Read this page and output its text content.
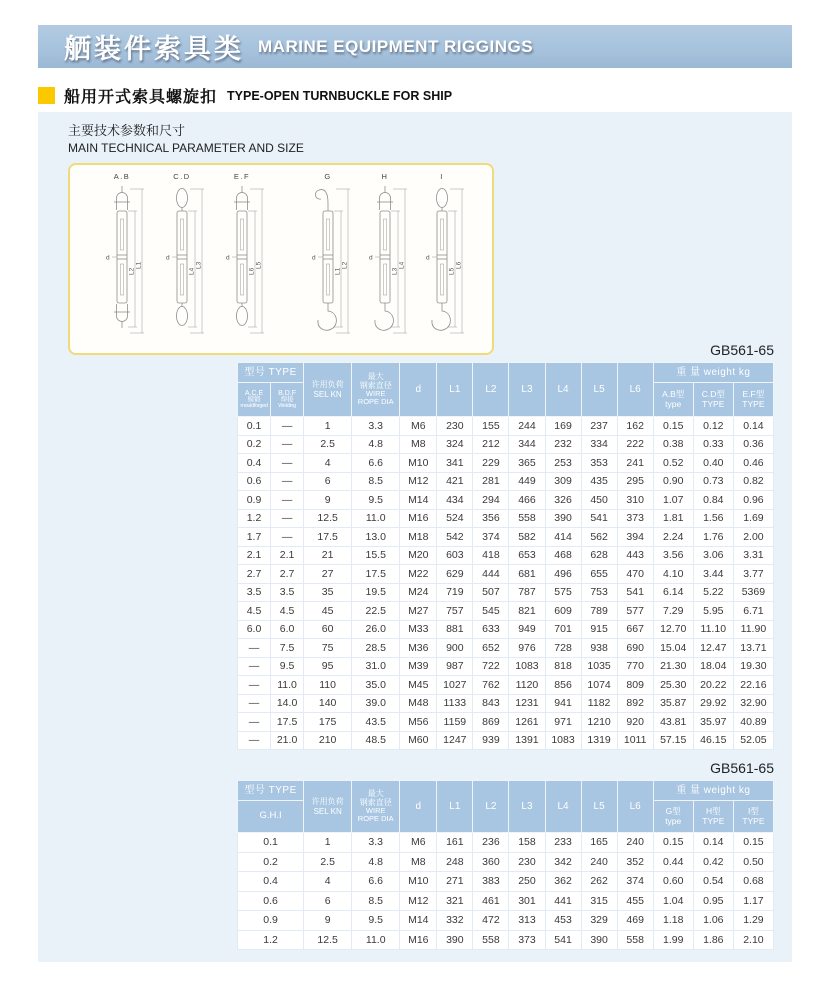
舾装件索具类 MARINE EQUIPMENT RIGGINGS
船用开式索具螺旋扣 TYPE-OPEN TURNBUCKLE FOR SHIP
主要技术参数和尺寸
MAIN TECHNICAL PARAMETER AND SIZE
A.B
d
L2
L1
C.D
d
L4
L3
E.F
d
L6
L5
G
d
L1
L2
H
d
L3
L4
I
d
L5
L6
GB561-65
型号 TYPE

许用负荷
SEL KN

最大
钢索直径
WIRE
ROPE DIA

d	L1	L2	L3	L4	L5	L6

重 量 weight kg

A.C.E
模锻
mouldforged

B.D.F
焊接
Welding

A.B型
type

C.D型
TYPE

E.F型
TYPE

0.1	—	1	3.3	M6	230	155	244	169	237	162	0.15	0.12	0.14
0.2	—	2.5	4.8	M8	324	212	344	232	334	222	0.38	0.33	0.36
0.4	—	4	6.6	M10	341	229	365	253	353	241	0.52	0.40	0.46
0.6	—	6	8.5	M12	421	281	449	309	435	295	0.90	0.73	0.82
0.9	—	9	9.5	M14	434	294	466	326	450	310	1.07	0.84	0.96
1.2	—	12.5	11.0	M16	524	356	558	390	541	373	1.81	1.56	1.69
1.7	—	17.5	13.0	M18	542	374	582	414	562	394	2.24	1.76	2.00
2.1	2.1	21	15.5	M20	603	418	653	468	628	443	3.56	3.06	3.31
2.7	2.7	27	17.5	M22	629	444	681	496	655	470	4.10	3.44	3.77
3.5	3.5	35	19.5	M24	719	507	787	575	753	541	6.14	5.22	5369
4.5	4.5	45	22.5	M27	757	545	821	609	789	577	7.29	5.95	6.71
6.0	6.0	60	26.0	M33	881	633	949	701	915	667	12.70	11.10	11.90
—	7.5	75	28.5	M36	900	652	976	728	938	690	15.04	12.47	13.71
—	9.5	95	31.0	M39	987	722	1083	818	1035	770	21.30	18.04	19.30
—	11.0	110	35.0	M45	1027	762	1120	856	1074	809	25.30	20.22	22.16
—	14.0	140	39.0	M48	1133	843	1231	941	1182	892	35.87	29.92	32.90
—	17.5	175	43.5	M56	1159	869	1261	971	1210	920	43.81	35.97	40.89
—	21.0	210	48.5	M60	1247	939	1391	1083	1319	1011	57.15	46.15	52.05
GB561-65
型号 TYPE

许用负荷
SEL KN

最大
钢索直径
WIRE
ROPE DIA

d	L1	L2	L3	L4	L5	L6

重 量 weight kg

G.H.I	G型
type

H型
TYPE

I型
TYPE

0.1	1	3.3	M6	161	236	158	233	165	240	0.15	0.14	0.15
0.2	2.5	4.8	M8	248	360	230	342	240	352	0.44	0.42	0.50
0.4	4	6.6	M10	271	383	250	362	262	374	0.60	0.54	0.68
0.6	6	8.5	M12	321	461	301	441	315	455	1.04	0.95	1.17
0.9	9	9.5	M14	332	472	313	453	329	469	1.18	1.06	1.29
1.2	12.5	11.0	M16	390	558	373	541	390	558	1.99	1.86	2.10
